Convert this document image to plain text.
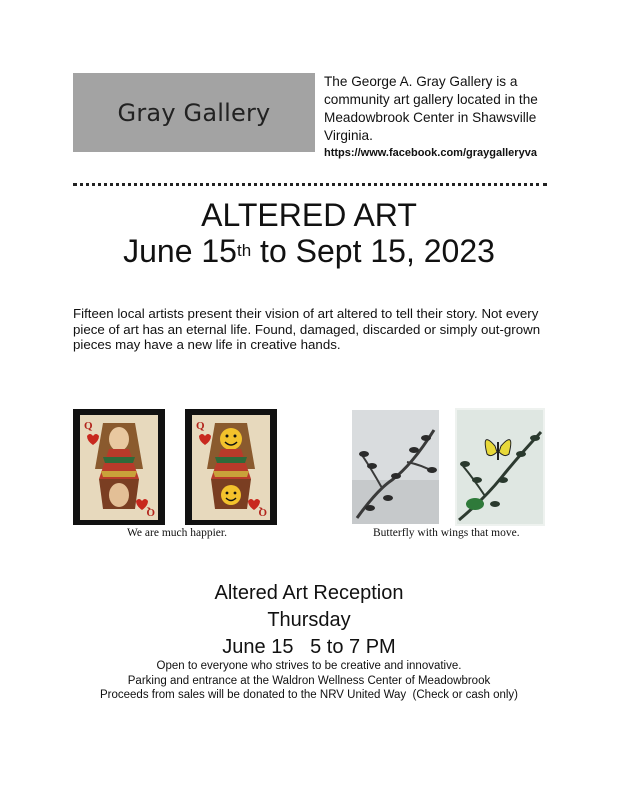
Gray Gallery
The George A. Gray Gallery is a community art gallery located in the Meadowbrook Center in Shawsville Virginia.
https://www.facebook.com/graygalleryva
ALTERED ART
June 15th to Sept 15, 2023
Fifteen local artists present their vision of art altered to tell their story. Not every piece of art has an eternal life. Found, damaged, discarded or simply out-grown pieces may have a new life in creative hands.
Q
Q
Q
Q
We are much happier.	Butterfly with wings that move.
Altered Art Reception
Thursday
June 15   5 to 7 PM
Open to everyone who strives to be creative and innovative.
Parking and entrance at the Waldron Wellness Center of Meadowbrook
Proceeds from sales will be donated to the NRV United Way  (Check or cash only)
